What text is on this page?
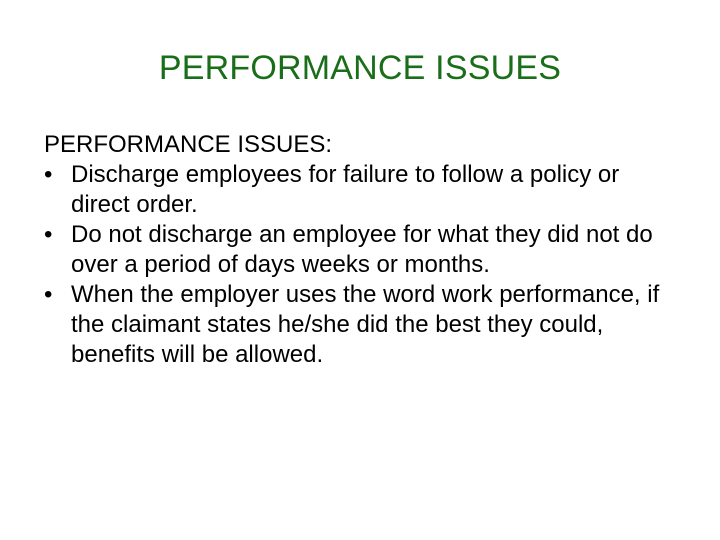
PERFORMANCE ISSUES

PERFORMANCE ISSUES:

• Discharge employees for failure to follow a policy or direct order.
• Do not discharge an employee for what they did not do over a period of days weeks or months.
• When the employer uses the word work performance, if the claimant states he/she did the best they could, benefits will be allowed.
